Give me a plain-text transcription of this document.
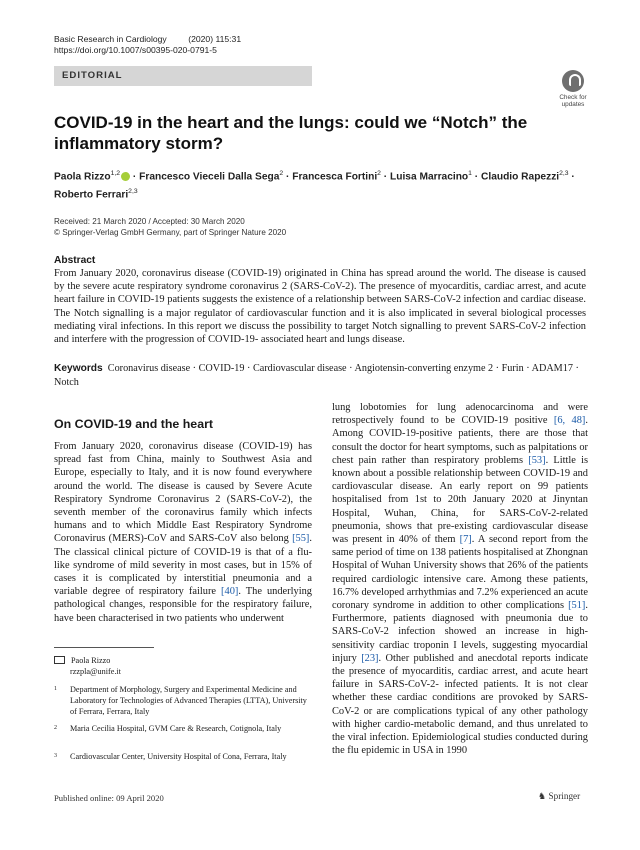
Basic Research in Cardiology	(2020) 115:31
https://doi.org/10.1007/s00395-020-0791-5
EDITORIAL
Check for updates
COVID-19 in the heart and the lungs: could we “Notch” the inflammatory storm?
Paola Rizzo$^{1,2}$ · Francesco Vieceli Dalla Sega$^2$ · Francesca Fortini$^2$ · Luisa Marracino$^1$ · Claudio Rapezzi$^{2,3}$ ·
Roberto Ferrari$^{2,3}$
Received: 21 March 2020 / Accepted: 30 March 2020
© Springer-Verlag GmbH Germany, part of Springer Nature 2020
Abstract
From January 2020, coronavirus disease (COVID-19) originated in China has spread around the world. The disease is caused by the severe acute respiratory syndrome coronavirus 2 (SARS-CoV-2). The presence of myocarditis, cardiac arrest, and acute heart failure in COVID-19 patients suggests the existence of a relationship between SARS-CoV-2 infection and cardiac disease. The Notch signalling is a major regulator of cardiovascular function and it is also implicated in several biological processes mediating viral infections. In this report we discuss the possibility to target Notch signalling to prevent SARS-CoV-2 infection and interfere with the progression of COVID-19- associated heart and lungs disease.
Keywords Coronavirus disease · COVID-19 · Cardiovascular disease · Angiotensin-converting enzyme 2 · Furin · ADAM17 · Notch
On COVID-19 and the heart
From January 2020, coronavirus disease (COVID-19) has spread fast from China, mainly to Southwest Asia and Europe, especially to Italy, and it is now found everywhere around the world. The disease is caused by Severe Acute Respiratory Syndrome Coronavirus 2 (SARS-CoV-2), the seventh member of the coronavirus family which infects humans and to which Middle East Respiratory Syndrome Coronavirus (MERS)-CoV and SARS-CoV also belong [55]. The classical clinical picture of COVID-19 is that of a flu-like syndrome of mild severity in most cases, but in 15% of cases it is complicated by interstitial pneumonia and a variable degree of respiratory failure [40]. The underlying pathological changes, responsible for the respiratory failure, have been characterised in two patients who underwent
lung lobotomies for lung adenocarcinoma and were retrospectively found to be COVID-19 positive [6, 48]. Among COVID-19-positive patients, there are those that consult the doctor for heart symptoms, such as palpitations or chest pain rather than respiratory problems [53]. Little is known about a possible relationship between COVID-19 and cardiovascular disease. An early report on 99 patients hospitalised from 1st to 20th January 2020 at Jinyntan Hospital, Wuhan, China, for SARS-CoV-2-related pneumonia, shows that pre-existing cardiovascular disease was present in 40% of them [7]. A second report from the same period of time on 138 patients hospitalised at Zhongnan Hospital of Wuhan University shows that 26% of the patients required cardiologic intensive care. Among these patients, 16.7% developed arrhythmias and 7.2% experienced an acute coronary syndrome in addition to other complications [51]. Furthermore, patients diagnosed with pneumonia due to SARS-CoV-2 infection showed an increase in high-sensitivity cardiac troponin I levels, suggesting myocardial injury [23]. Other published and anecdotal reports indicate the presence of myocarditis, cardiac arrest, and acute heart failure in SARS-CoV-2- infected patients. It is not clear whether these cardiac conditions are provoked by SARS-CoV-2 or are complications typical of any other pathology with higher cardio-metabolic demand, and thus unrelated to the viral infection. Epidemiological studies conducted during the flu epidemic in USA in 1990
Paola Rizzo
rzzpla@unife.it
1 Department of Morphology, Surgery and Experimental Medicine and Laboratory for Technologies of Advanced Therapies (LTTA), University of Ferrara, Ferrara, Italy
2 Maria Cecilia Hospital, GVM Care & Research, Cotignola, Italy
3 Cardiovascular Center, University Hospital of Cona, Ferrara, Italy
Published online: 09 April 2020	♞ Springer
